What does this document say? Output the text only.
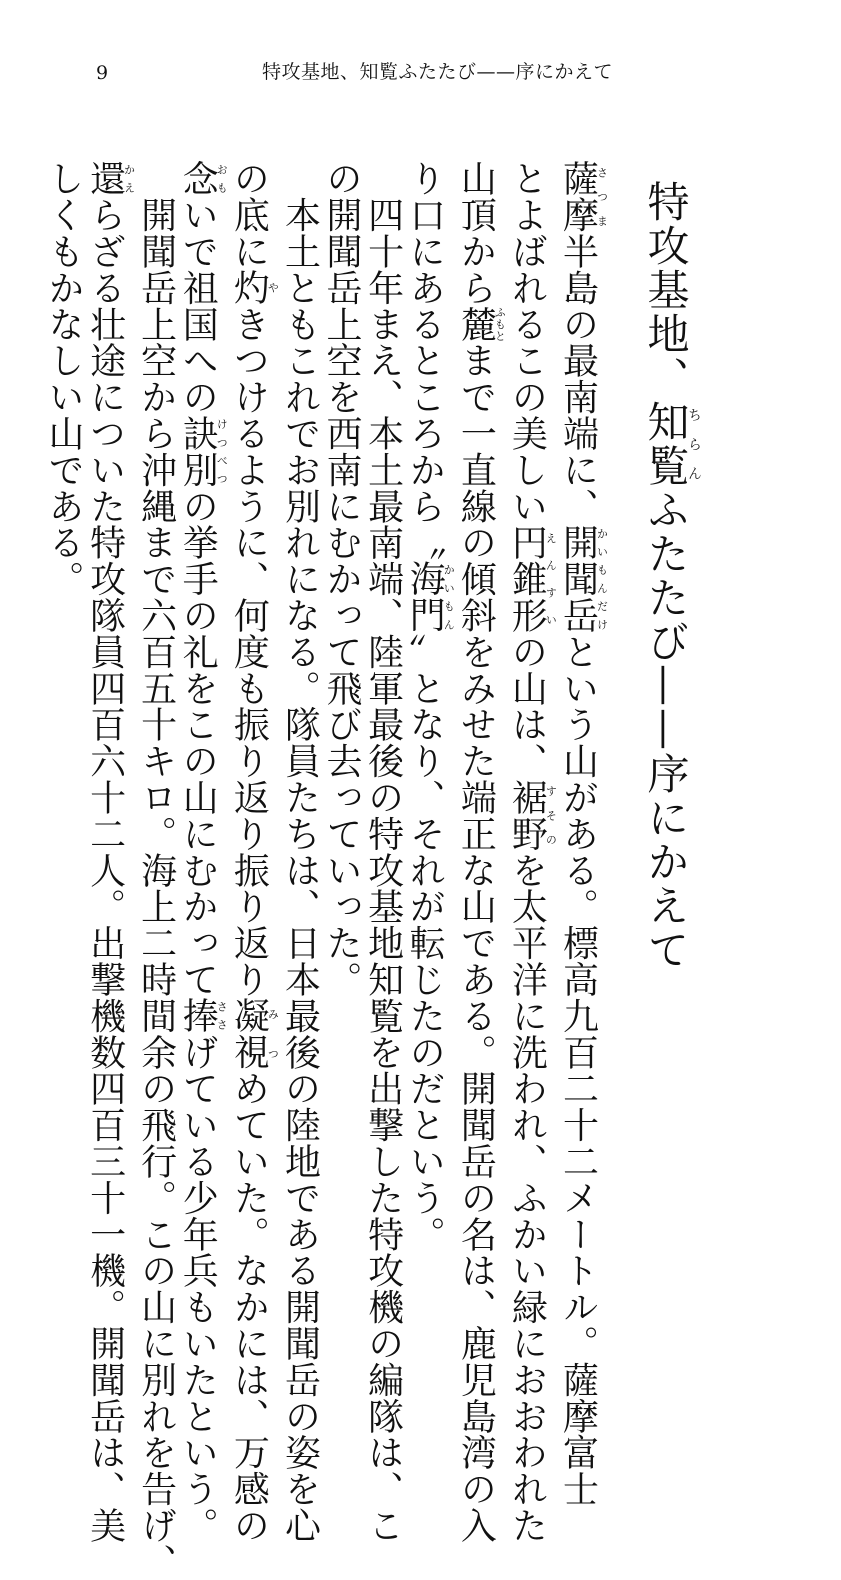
9	特攻基地、知覧ふたたび——序にかえて
特攻基地、知覧ちらんふたたび——序にかえて

薩摩さつま半島の最南端に、開聞岳かいもんだけという山がある。標高九百二十二メートル。薩摩富士

とよばれるこの美しい円錐形えんすいの山は、裾野すそのを太平洋に洗われ、ふかい緑におおわれた

山頂から麓ふもとまで一直線の傾斜をみせた端正な山である。開聞岳の名は、鹿児島湾の入

り口にあるところから〝海門かいもん〟となり、それが転じたのだという。

　四十年まえ、本土最南端、陸軍最後の特攻基地知覧を出撃した特攻機の編隊は、こ

の開聞岳上空を西南にむかって飛び去っていった。

　本土ともこれでお別れになる。隊員たちは、日本最後の陸地である開聞岳の姿を心

の底に灼やきつけるように、何度も振り返り振り返り凝視みつめていた。なかには、万感の

念おもいで祖国への訣別けつべつの挙手の礼をこの山にむかって捧ささげている少年兵もいたという。

　開聞岳上空から沖縄まで六百五十キロ。海上二時間余の飛行。この山に別れを告げ、

還かえらざる壮途についた特攻隊員四百六十二人。出撃機数四百三十一機。開聞岳は、美

しくもかなしい山である。
